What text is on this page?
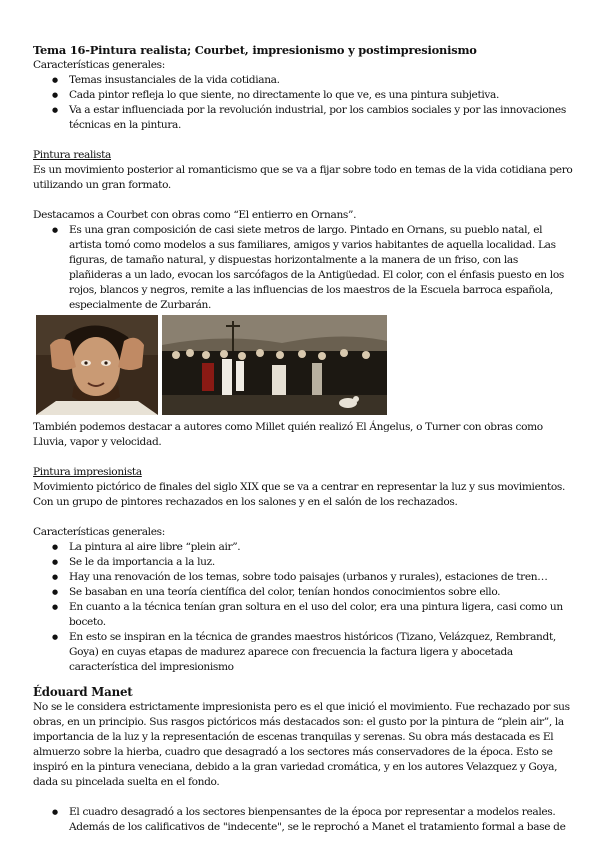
Tema 16-Pintura realista; Courbet, impresionismo y postimpresionismo

Características generales:

● Temas insustanciales de la vida cotidiana.
● Cada pintor refleja lo que siente, no directamente lo que ve, es una pintura subjetiva.
● Va a estar influenciada por la revolución industrial, por los cambios sociales y por las innovaciones técnicas en la pintura.

Pintura realista

Es un movimiento posterior al romanticismo que se va a fijar sobre todo en temas de la vida cotidiana pero utilizando un gran formato.

Destacamos a Courbet con obras como “El entierro en Ornans”.

● Es una gran composición de casi siete metros de largo. Pintado en Ornans, su pueblo natal, el artista tomó como modelos a sus familiares, amigos y varios habitantes de aquella localidad. Las figuras, de tamaño natural, y dispuestas horizontalmente a la manera de un friso, con las plañideras a un lado, evocan los sarcófagos de la Antigüedad. El color, con el énfasis puesto en los rojos, blancos y negros, remite a las influencias de los maestros de la Escuela barroca española, especialmente de Zurbarán.

También podemos destacar a autores como Millet quién realizó El Ángelus, o Turner con obras como Lluvia, vapor y velocidad.

Pintura impresionista

Movimiento pictórico de finales del siglo XIX que se va a centrar en representar la luz y sus movimientos. Con un grupo de pintores rechazados en los salones y en el salón de los rechazados.

Características generales:

● La pintura al aire libre “plein air”.
● Se le da importancia a la luz.
● Hay una renovación de los temas, sobre todo paisajes (urbanos y rurales), estaciones de tren…
● Se basaban en una teoría científica del color, tenían hondos conocimientos sobre ello.
● En cuanto a la técnica tenían gran soltura en el uso del color, era una pintura ligera, casi como un boceto.
● En esto se inspiran en la técnica de grandes maestros históricos (Tizano, Velázquez, Rembrandt, Goya) en cuyas etapas de madurez aparece con frecuencia la factura ligera y abocetada característica del impresionismo
Édouard Manet

No se le considera estrictamente impresionista pero es el que inició el movimiento. Fue rechazado por sus obras, en un principio. Sus rasgos pictóricos más destacados son: el gusto por la pintura de “plein air”, la importancia de la luz y la representación de escenas tranquilas y serenas. Su obra más destacada es El almuerzo sobre la hierba, cuadro que desagradó a los sectores más conservadores de la época. Esto se inspiró en la pintura veneciana, debido a la gran variedad cromática, y en los autores Velazquez y Goya, dada su pincelada suelta en el fondo.

● El cuadro desagradó a los sectores bienpensantes de la época por representar a modelos reales. Además de los calificativos de "indecente", se le reprochó a Manet el tratamiento formal a base de
